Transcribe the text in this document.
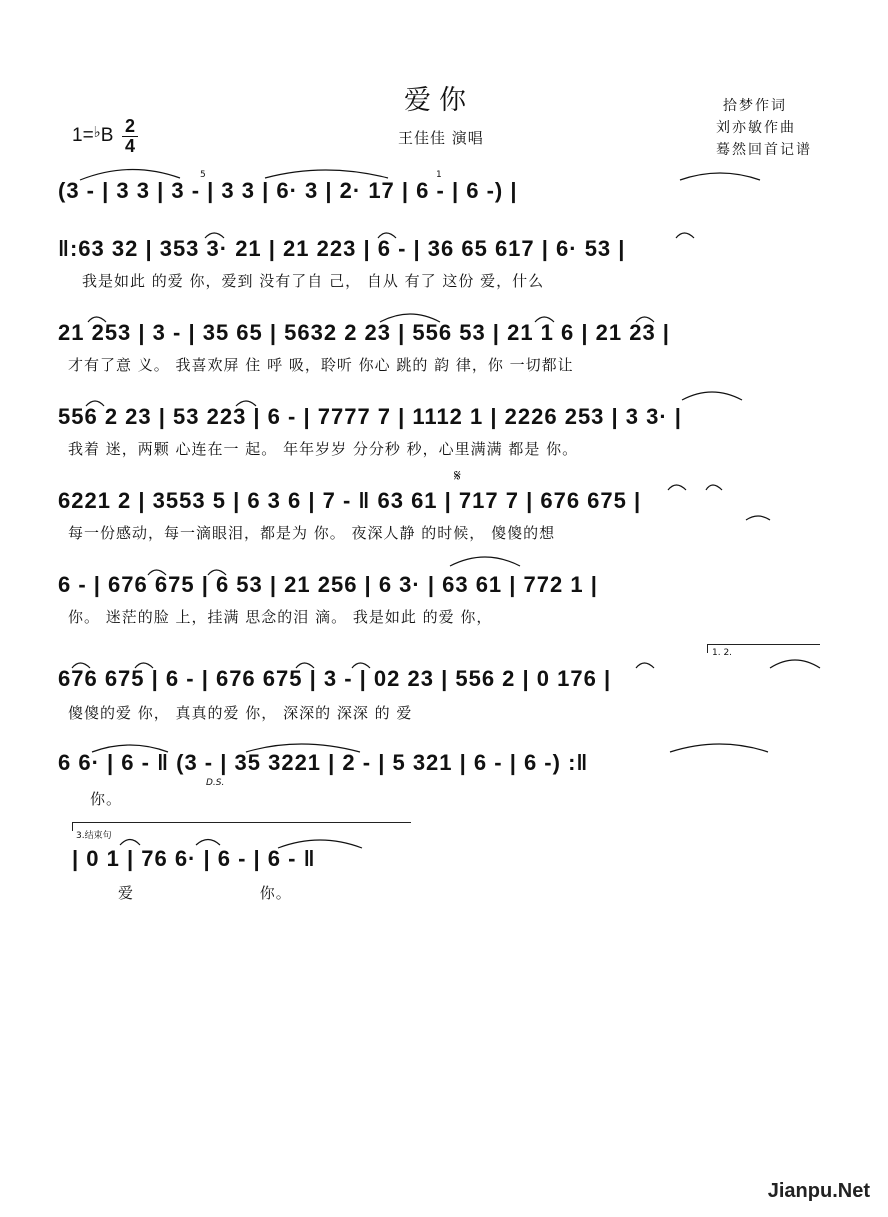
爱你
王佳佳 演唱
拾梦作词
刘亦敏作曲
蓦然回首记谱
1=♭B 2
4
(3 - | 3 3 | 3 - | 3 3 | 6· 3 | 2· 17 | 6 - | 6 -) |
‖:63 32 | 353 3· 21 | 21 223 | 6 - | 36 65 617 | 6· 53 |
我是如此 的爱 你，爱到 没有了自 己， 自从 有了 这份 爱，什么
21 253 | 3 - | 35 65 | 5632 2 23 | 556 53 | 21 1 6 | 21 23 |
才有了意 义。 我喜欢屏 住 呼 吸，聆听 你心 跳的 韵 律，你 一切都让
556 2 23 | 53 223 | 6 - | 7777 7 | 1112 1 | 2226 253 | 3 3· |
我着 迷，两颗 心连在一 起。 年年岁岁 分分秒 秒，心里满满 都是 你。
6221 2 | 3553 5 | 6 3 6 | 7 - ‖ 63 61 | 717 7 | 676 675 |
每一份感动，每一滴眼泪，都是为 你。 夜深人静 的时候， 傻傻的想
6 - | 676 675 | 6 53 | 21 256 | 6 3· | 63 61 | 772 1 |
你。 迷茫的脸 上，挂满 思念的泪 滴。 我是如此 的爱 你，
676 675 | 6 - | 676 675 | 3 - | 02 23 | 556 2 | 0 176 |
傻傻的爱 你， 真真的爱 你， 深深的 深深 的 爱
6 6· | 6 - ‖ (3 - | 35 3221 | 2 - | 5 321 | 6 - | 6 -) :‖
你。
| 0 1 | 76 6· | 6 - | 6 - ‖
爱 你。
5	1
𝄋
1. 2.
D.S.
3.结束句
Jianpu.Net
